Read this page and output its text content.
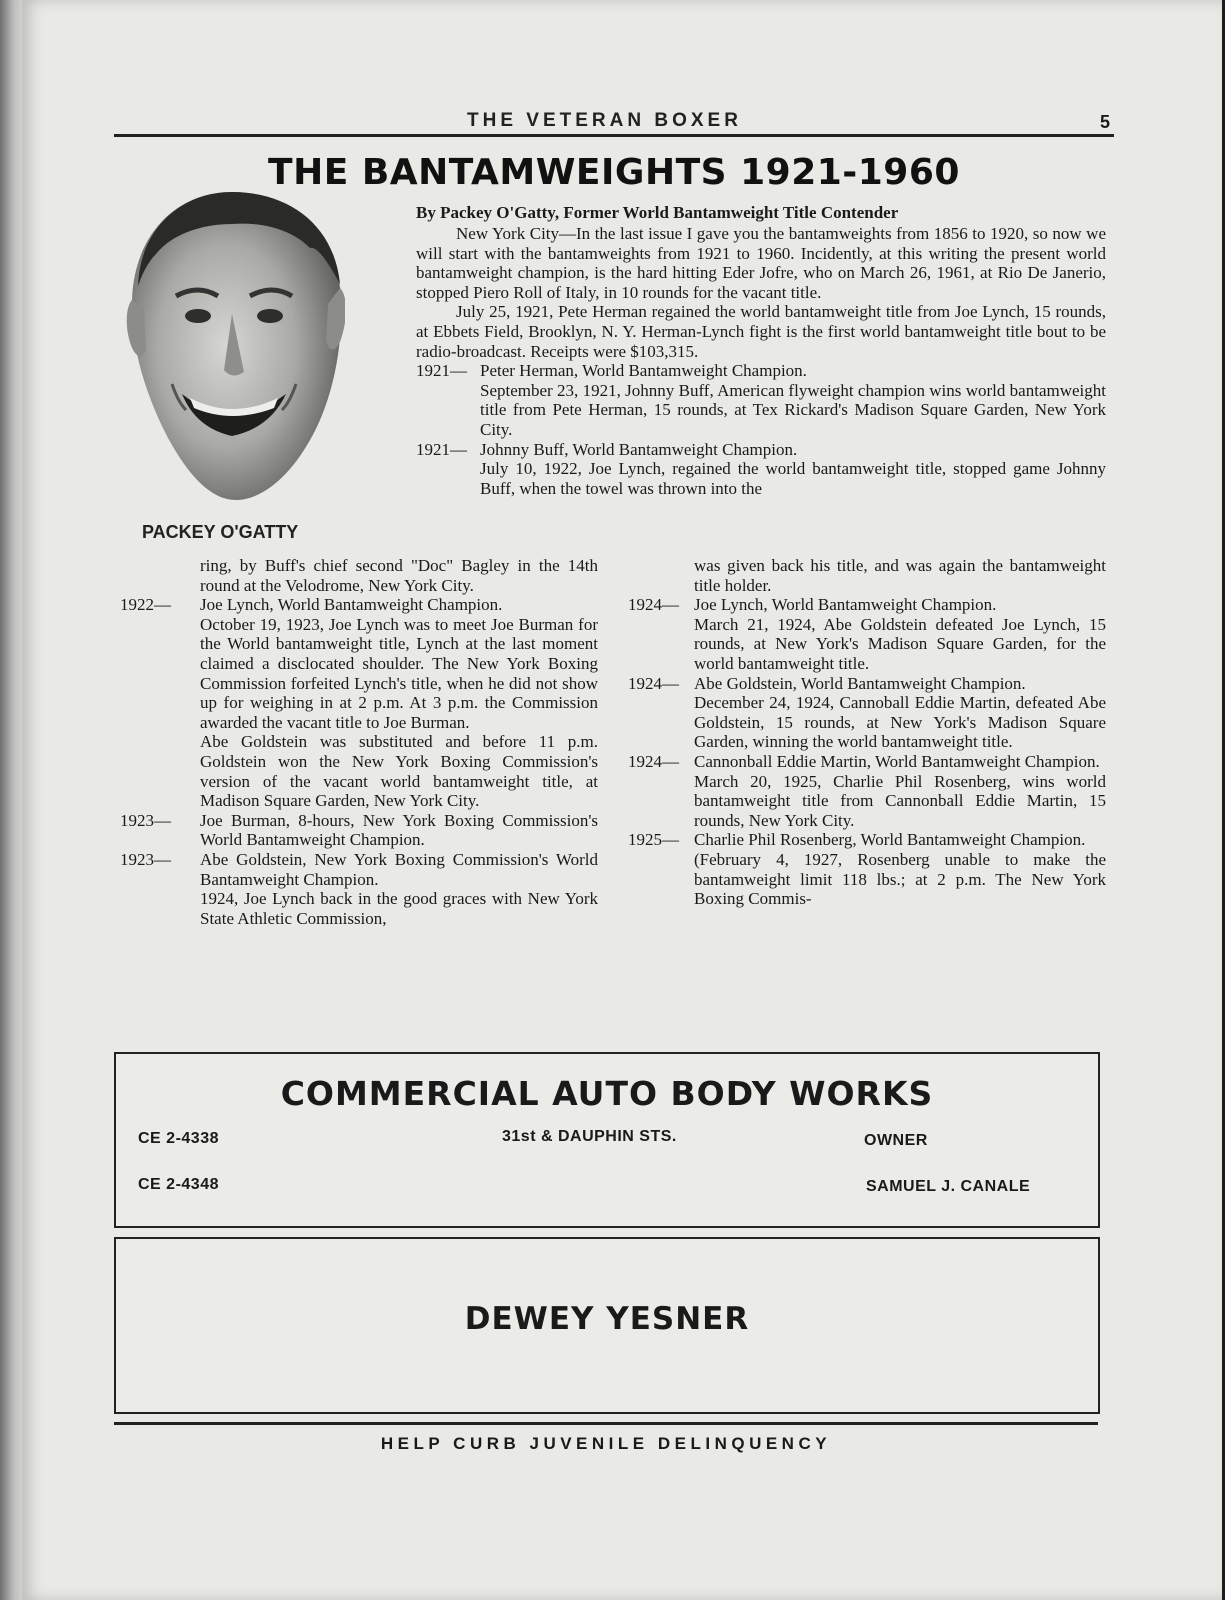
THE VETERAN BOXER	5
THE BANTAMWEIGHTS 1921-1960
PACKEY O'GATTY
By Packey O'Gatty, Former World Bantamweight Title Contender

New York City—In the last issue I gave you the bantamweights from 1856 to 1920, so now we will start with the bantamweights from 1921 to 1960. Incidently, at this writing the present world bantamweight champion, is the hard hitting Eder Jofre, who on March 26, 1961, at Rio De Janerio, stopped Piero Roll of Italy, in 10 rounds for the vacant title.

July 25, 1921, Pete Herman regained the world bantamweight title from Joe Lynch, 15 rounds, at Ebbets Field, Brooklyn, N. Y. Herman-Lynch fight is the first world bantamweight title bout to be radio-broadcast. Receipts were $103,315.

1921— Peter Herman, World Bantamweight Champion.

September 23, 1921, Johnny Buff, American flyweight champion wins world bantamweight title from Pete Herman, 15 rounds, at Tex Rickard's Madison Square Garden, New York City.

1921— Johnny Buff, World Bantamweight Champion.

July 10, 1922, Joe Lynch, regained the world bantamweight title, stopped game Johnny Buff, when the towel was thrown into the

ring, by Buff's chief second "Doc" Bagley in the 14th round at the Velodrome, New York City.

1922—	Joe Lynch, World Bantamweight Champion.

October 19, 1923, Joe Lynch was to meet Joe Burman for the World bantamweight title, Lynch at the last moment claimed a disclocated shoulder. The New York Boxing Commission forfeited Lynch's title, when he did not show up for weighing in at 2 p.m. At 3 p.m. the Commission awarded the vacant title to Joe Burman.

Abe Goldstein was substituted and before 11 p.m. Goldstein won the New York Boxing Commission's version of the vacant world bantamweight title, at Madison Square Garden, New York City.

1923—	Joe Burman, 8-hours, New York Boxing Commission's World Bantamweight Champion.
1923—	Abe Goldstein, New York Boxing Commission's World Bantamweight Champion.

1924, Joe Lynch back in the good graces with New York State Athletic Commission,

was given back his title, and was again the bantamweight title holder.

1924— Joe Lynch, World Bantamweight Champion.

March 21, 1924, Abe Goldstein defeated Joe Lynch, 15 rounds, at New York's Madison Square Garden, for the world bantamweight title.

1924— Abe Goldstein, World Bantamweight Champion.

December 24, 1924, Cannoball Eddie Martin, defeated Abe Goldstein, 15 rounds, at New York's Madison Square Garden, winning the world bantamweight title.

1924— Cannonball Eddie Martin, World Bantamweight Champion.

March 20, 1925, Charlie Phil Rosenberg, wins world bantamweight title from Cannonball Eddie Martin, 15 rounds, New York City.

1925— Charlie Phil Rosenberg, World Bantamweight Champion.

(February 4, 1927, Rosenberg unable to make the bantamweight limit 118 lbs.; at 2 p.m. The New York Boxing Commis-

COMMERCIAL AUTO BODY WORKS
CE 2-4338
CE 2-4348
31st & DAUPHIN STS.	OWNER
SAMUEL J. CANALE
DEWEY YESNER
HELP CURB JUVENILE DELINQUENCY
